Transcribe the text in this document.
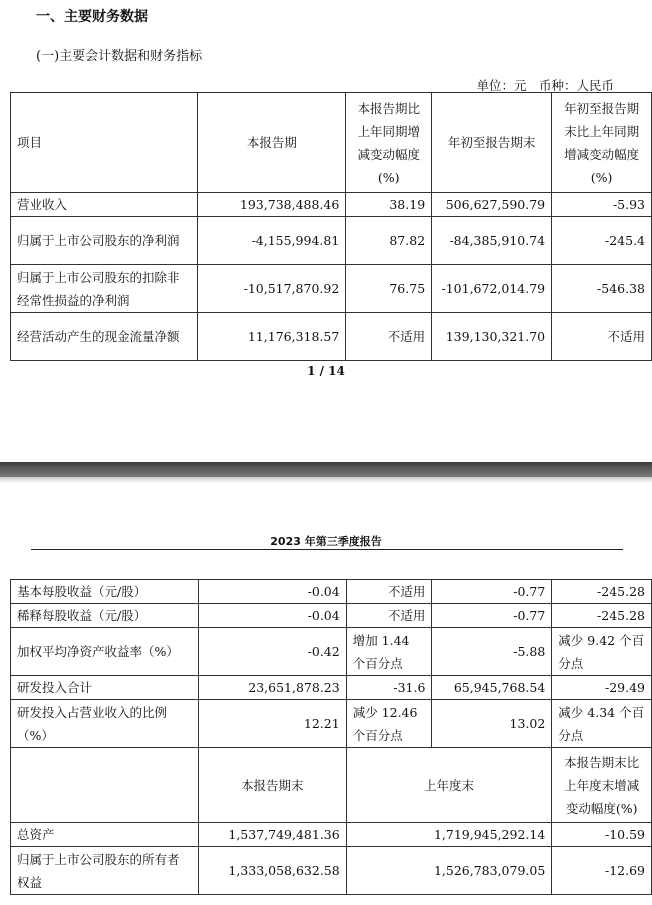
一、主要财务数据
(一)主要会计数据和财务指标
单位：元　币种：人民币
项目	本报告期	本报告期比上年同期增减变动幅度(%)	年初至报告期末	年初至报告期末比上年同期增减变动幅度(%)
营业收入	193,738,488.46	38.19	506,627,590.79	-5.93
归属于上市公司股东的净利润	-4,155,994.81	87.82	-84,385,910.74	-245.4
归属于上市公司股东的扣除非经常性损益的净利润	-10,517,870.92	76.75	-101,672,014.79	-546.38
经营活动产生的现金流量净额	11,176,318.57	不适用	139,130,321.70	不适用
1 / 14
2023 年第三季度报告
基本每股收益（元/股）	-0.04	不适用	-0.77	-245.28
稀释每股收益（元/股）	-0.04	不适用	-0.77	-245.28
加权平均净资产收益率（%）	-0.42	增加 1.44 个百分点	-5.88	减少 9.42 个百分点
研发投入合计	23,651,878.23	-31.6	65,945,768.54	-29.49
研发投入占营业收入的比例（%）	12.21	减少 12.46 个百分点	13.02	减少 4.34 个百分点
	本报告期末	上年度末		本报告期末比上年度末增减变动幅度(%)
总资产	1,537,749,481.36	1,719,945,292.14		-10.59
归属于上市公司股东的所有者权益	1,333,058,632.58	1,526,783,079.05		-12.69
